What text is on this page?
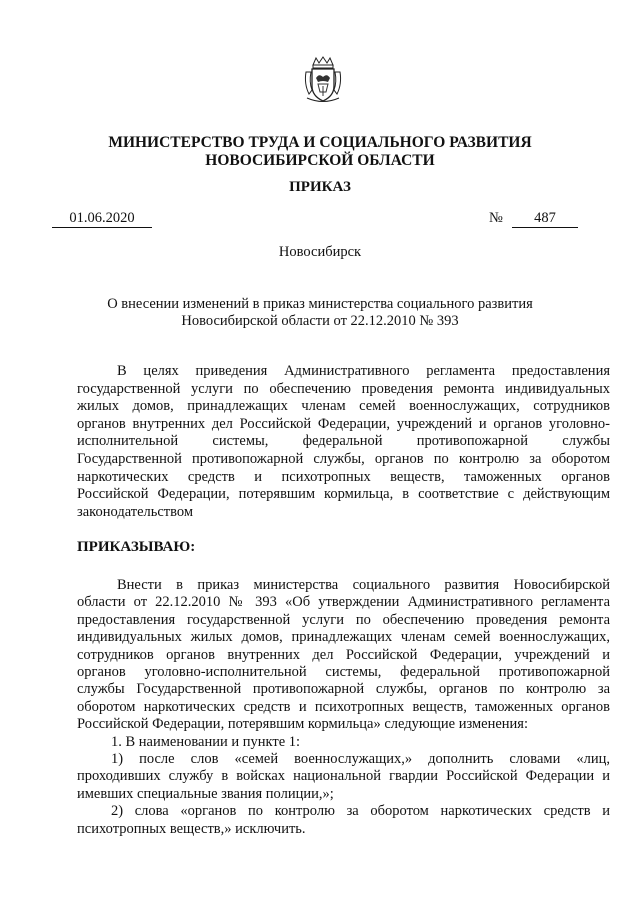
МИНИСТЕРСТВО ТРУДА И СОЦИАЛЬНОГО РАЗВИТИЯ
НОВОСИБИРСКОЙ ОБЛАСТИ
ПРИКАЗ
01.06.2020	№	487
Новосибирск
О внесении изменений в приказ министерства социального развития
Новосибирской области от 22.12.2010 № 393
В целях приведения Административного регламента предоставления
государственной услуги по обеспечению проведения ремонта индивидуальных
жилых домов, принадлежащих членам семей военнослужащих, сотрудников
органов внутренних дел Российской Федерации, учреждений и органов уголовно-
исполнительной системы, федеральной противопожарной службы
Государственной противопожарной службы, органов по контролю за оборотом
наркотических средств и психотропных веществ, таможенных органов
Российской Федерации, потерявшим кормильца, в соответствие с действующим
законодательством
ПРИКАЗЫВАЮ:
Внести в приказ министерства социального развития Новосибирской
области от 22.12.2010 № 393 «Об утверждении Административного регламента
предоставления государственной услуги по обеспечению проведения ремонта
индивидуальных жилых домов, принадлежащих членам семей военнослужащих,
сотрудников органов внутренних дел Российской Федерации, учреждений и
органов уголовно-исполнительной системы, федеральной противопожарной
службы Государственной противопожарной службы, органов по контролю за
оборотом наркотических средств и психотропных веществ, таможенных органов
Российской Федерации, потерявшим кормильца» следующие изменения:
1. В наименовании и пункте 1:
1) после слов «семей военнослужащих,» дополнить словами «лиц,
проходивших службу в войсках национальной гвардии Российской Федерации и
имевших специальные звания полиции,»;
2) слова «органов по контролю за оборотом наркотических средств и
психотропных веществ,» исключить.
